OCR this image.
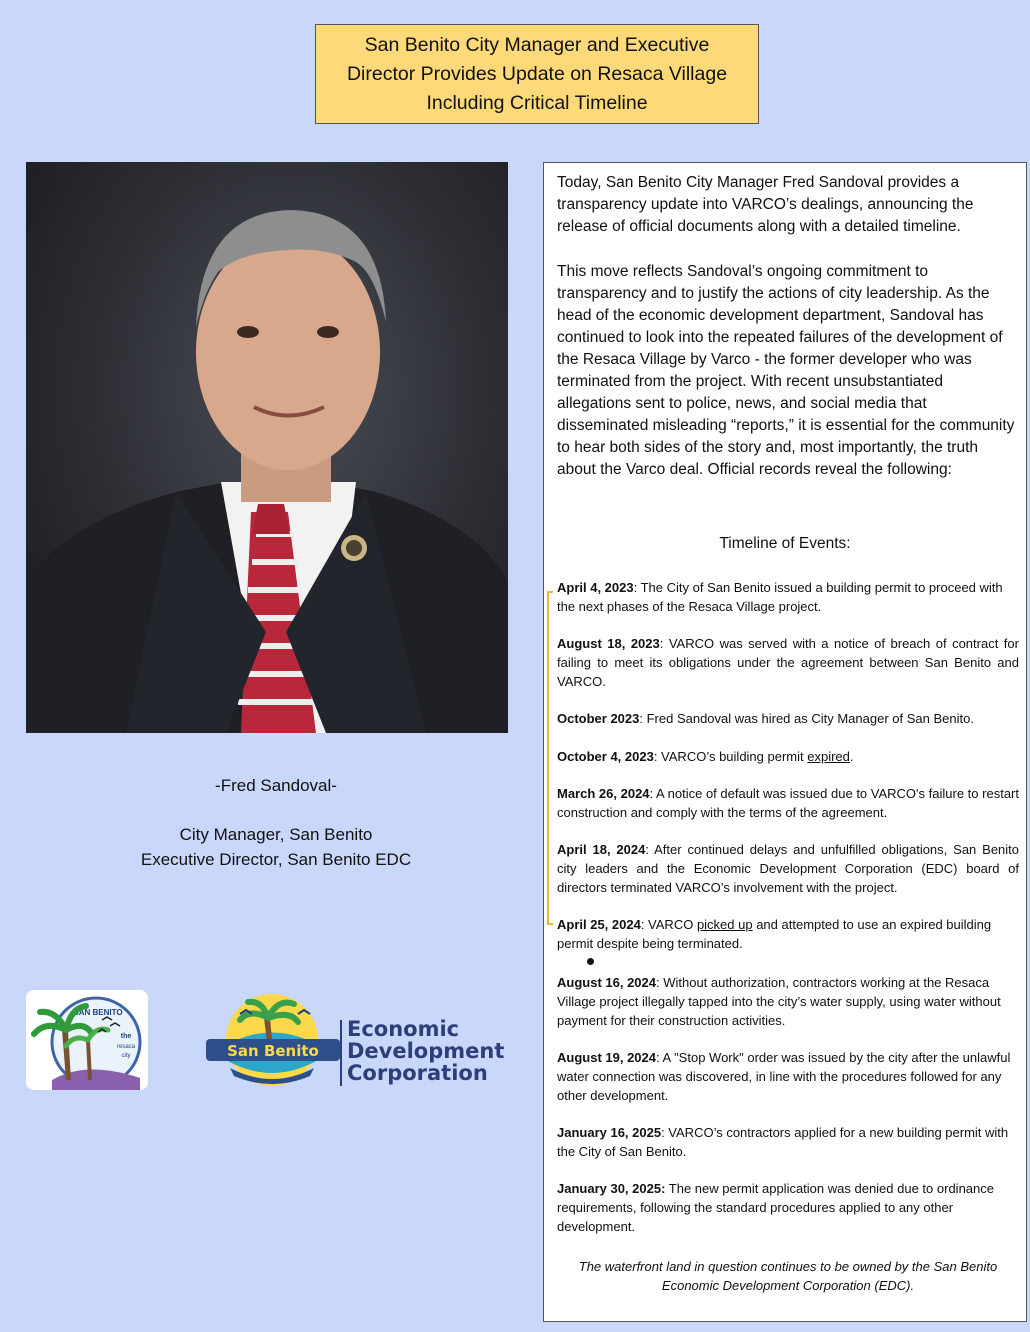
San Benito City Manager and Executive
Director Provides Update on Resaca Village
Including Critical Timeline
-Fred Sandoval-
City Manager, San Benito
Executive Director, San Benito EDC
SAN BENITO
the
resaca
city	San Benito
Economic
Development
Corporation

Today, San Benito City Manager Fred Sandoval provides a transparency update into VARCO’s dealings, announcing the release of official documents along with a detailed timeline.

This move reflects Sandoval’s ongoing commitment to transparency and to justify the actions of city leadership. As the head of the economic development department, Sandoval has continued to look into the repeated failures of the development of the Resaca Village by Varco - the former developer who was terminated from the project. With recent unsubstantiated allegations sent to police, news, and social media that disseminated misleading “reports,” it is essential for the community to hear both sides of the story and, most importantly, the truth about the Varco deal. Official records reveal the following:

Timeline of Events:

April 4, 2023: The City of San Benito issued a building permit to proceed with the next phases of the Resaca Village project.

August 18, 2023: VARCO was served with a notice of breach of contract for failing to meet its obligations under the agreement between San Benito and VARCO.

October 2023: Fred Sandoval was hired as City Manager of San Benito.

October 4, 2023: VARCO’s building permit expired.

March 26, 2024: A notice of default was issued due to VARCO's failure to restart construction and comply with the terms of the agreement.

April 18, 2024: After continued delays and unfulfilled obligations, San Benito city leaders and the Economic Development Corporation (EDC) board of directors terminated VARCO’s involvement with the project.

April 25, 2024: VARCO picked up and attempted to use an expired building permit despite being terminated.

August 16, 2024: Without authorization, contractors working at the Resaca Village project illegally tapped into the city’s water supply, using water without payment for their construction activities.

August 19, 2024: A "Stop Work" order was issued by the city after the unlawful water connection was discovered, in line with the procedures followed for any other development.

January 16, 2025: VARCO’s contractors applied for a new building permit with the City of San Benito.

January 30, 2025: The new permit application was denied due to ordinance requirements, following the standard procedures applied to any other development.

The waterfront land in question continues to be owned by the San Benito Economic Development Corporation (EDC).
